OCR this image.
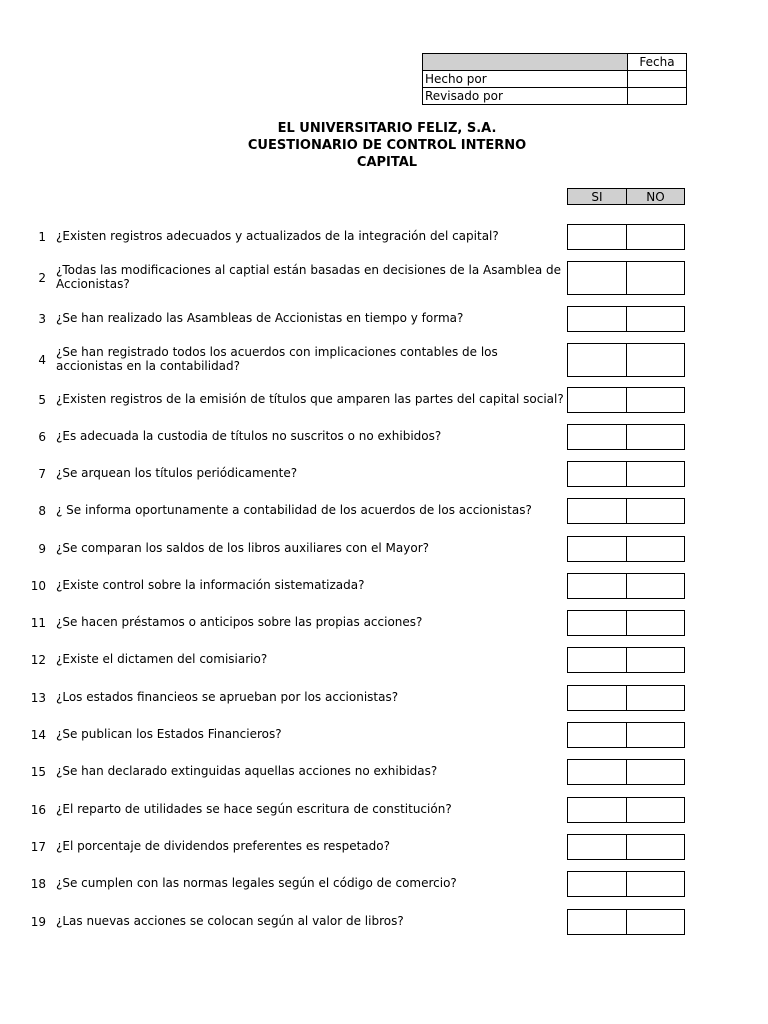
	Fecha
Hecho por	
Revisado por	
EL UNIVERSITARIO FELIZ, S.A.
CUESTIONARIO DE CONTROL INTERNO
CAPITAL
SI	NO
1 ¿Existen registros adecuados y actualizados de la integración del capital?
2
¿Todas las modificaciones al captial están basadas en decisiones de la Asamblea de Accionistas?
3 ¿Se han realizado las Asambleas de Accionistas en tiempo y forma?
4
¿Se han registrado todos los acuerdos con implicaciones contables de los accionistas en la contabilidad?
5 ¿Existen registros de la emisión de títulos que amparen las partes del capital social?
6 ¿Es adecuada la custodia de títulos no suscritos o no exhibidos?
7 ¿Se arquean los títulos periódicamente?
8 ¿ Se informa oportunamente a contabilidad de los acuerdos de los accionistas?
9 ¿Se comparan los saldos de los libros auxiliares con el Mayor?
10 ¿Existe control sobre la información sistematizada?
11 ¿Se hacen préstamos o anticipos sobre las propias acciones?
12 ¿Existe el dictamen del comisiario?
13 ¿Los estados financieos se aprueban por los accionistas?
14 ¿Se publican los Estados Financieros?
15 ¿Se han declarado extinguidas aquellas acciones no exhibidas?
16 ¿El reparto de utilidades se hace según escritura de constitución?
17 ¿El porcentaje de dividendos preferentes es respetado?
18 ¿Se cumplen con las normas legales según el código de comercio?
19 ¿Las nuevas acciones se colocan según al valor de libros?
